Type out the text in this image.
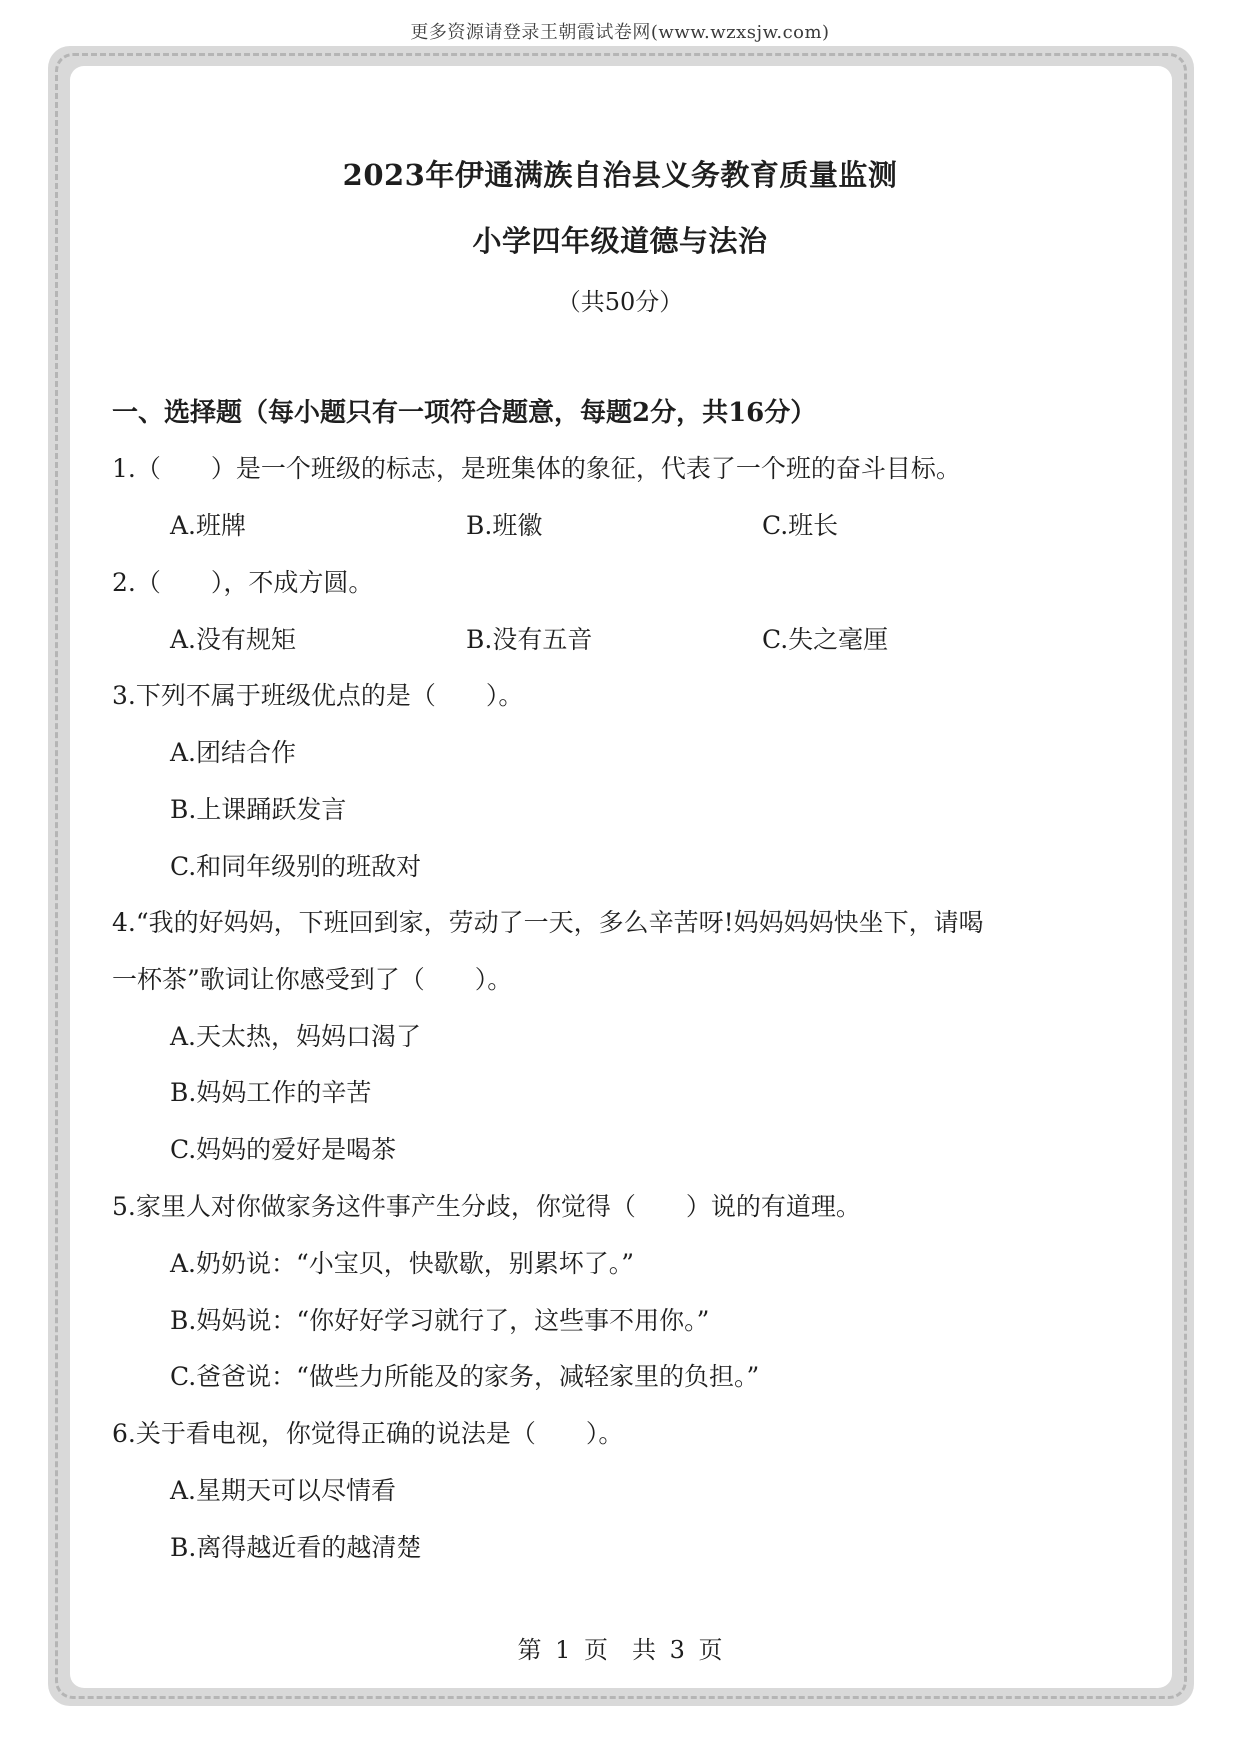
更多资源请登录王朝霞试卷网(www.wzxsjw.com)
2023年伊通满族自治县义务教育质量监测
小学四年级道德与法治
（共50分）
一、选择题（每小题只有一项符合题意，每题2分，共16分）
1.（　　）是一个班级的标志，是班集体的象征，代表了一个班的奋斗目标。
A.班牌	B.班徽	C.班长
2.（　　），不成方圆。
A.没有规矩	B.没有五音	C.失之毫厘
3.下列不属于班级优点的是（　　）。
A.团结合作
B.上课踊跃发言
C.和同年级别的班敌对
4.“我的好妈妈，下班回到家，劳动了一天，多么辛苦呀!妈妈妈妈快坐下，请喝
一杯茶”歌词让你感受到了（　　）。
A.天太热，妈妈口渴了
B.妈妈工作的辛苦
C.妈妈的爱好是喝茶
5.家里人对你做家务这件事产生分歧，你觉得（　　）说的有道理。
A.奶奶说：“小宝贝，快歇歇，别累坏了。”
B.妈妈说：“你好好学习就行了，这些事不用你。”
C.爸爸说：“做些力所能及的家务，减轻家里的负担。”
6.关于看电视，你觉得正确的说法是（　　）。
A.星期天可以尽情看
B.离得越近看的越清楚
第 1 页　共 3 页
